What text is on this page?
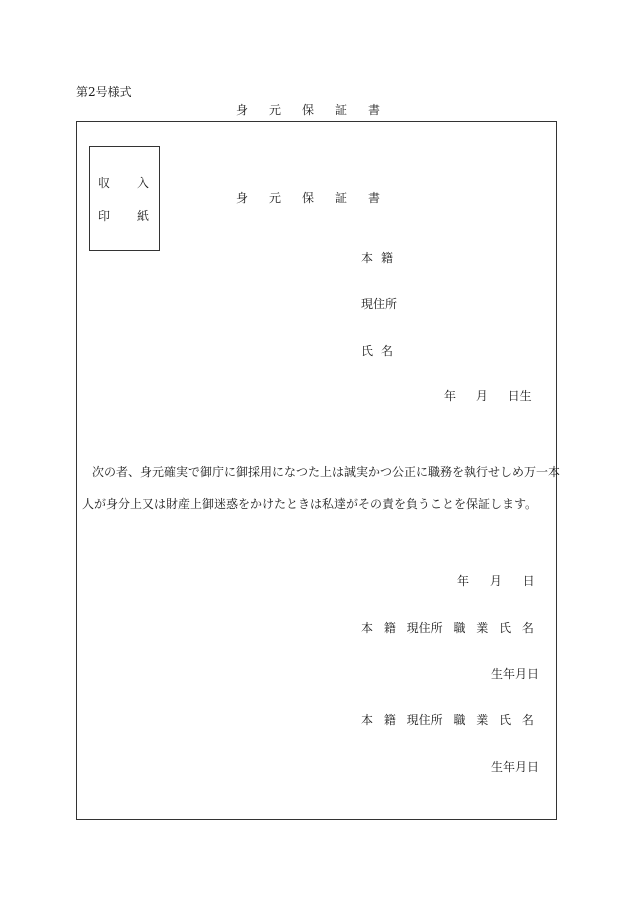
第2号様式
身元保証書
収入
印紙
身元保証書
本籍
現住所
氏名
年 月 日生
次の者、身元確実で御庁に御採用になつた上は誠実かつ公正に職務を執行せしめ万一本
人が身分上又は財産上御迷惑をかけたときは私達がその責を負うことを保証します。
年 月 日
本 籍 現住所 職 業 氏 名
生年月日
本 籍 現住所 職 業 氏 名
生年月日
